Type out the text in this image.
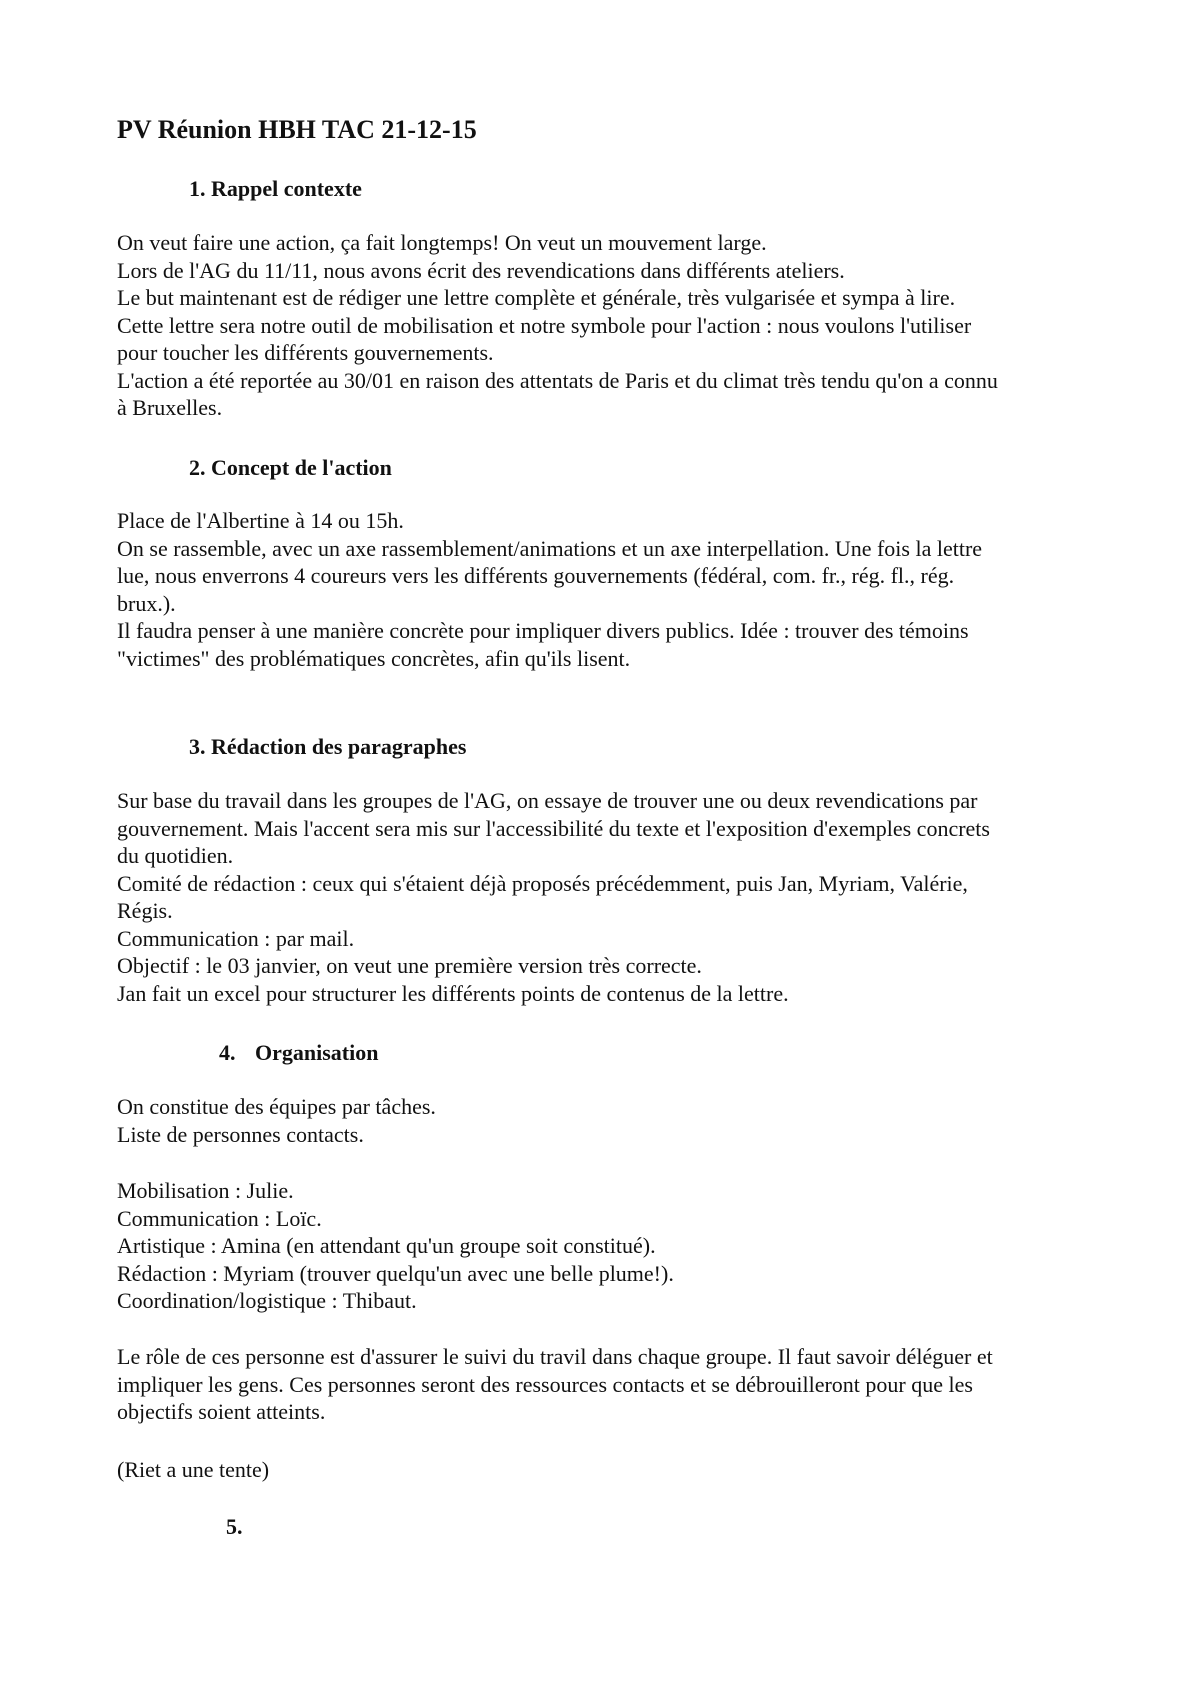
PV Réunion HBH TAC 21-12-15
1. Rappel contexte
On veut faire une action, ça fait longtemps! On veut un mouvement large.
Lors de l'AG du 11/11, nous avons écrit des revendications dans différents ateliers.
Le but maintenant est de rédiger une lettre complète et générale, très vulgarisée et sympa à lire.
Cette lettre sera notre outil de mobilisation et notre symbole pour l'action : nous voulons l'utiliser
pour toucher les différents gouvernements.
L'action a été reportée au 30/01 en raison des attentats de Paris et du climat très tendu qu'on a connu
à Bruxelles.
2. Concept de l'action
Place de l'Albertine à 14 ou 15h.
On se rassemble, avec un axe rassemblement/animations et un axe interpellation. Une fois la lettre
lue, nous enverrons 4 coureurs vers les différents gouvernements (fédéral, com. fr., rég. fl., rég.
brux.).
Il faudra penser à une manière concrète pour impliquer divers publics. Idée : trouver des témoins
"victimes" des problématiques concrètes, afin qu'ils lisent.
3. Rédaction des paragraphes
Sur base du travail dans les groupes de l'AG, on essaye de trouver une ou deux revendications par
gouvernement. Mais l'accent sera mis sur l'accessibilité du texte et l'exposition d'exemples concrets
du quotidien.
Comité de rédaction : ceux qui s'étaient déjà proposés précédemment, puis Jan, Myriam, Valérie,
Régis.
Communication : par mail.
Objectif : le 03 janvier, on veut une première version très correcte.
Jan fait un excel pour structurer les différents points de contenus de la lettre.
4. Organisation
On constitue des équipes par tâches.
Liste de personnes contacts.
Mobilisation : Julie.
Communication : Loïc.
Artistique : Amina (en attendant qu'un groupe soit constitué).
Rédaction : Myriam (trouver quelqu'un avec une belle plume!).
Coordination/logistique : Thibaut.
Le rôle de ces personne est d'assurer le suivi du travil dans chaque groupe. Il faut savoir déléguer et
impliquer les gens. Ces personnes seront des ressources contacts et se débrouilleront pour que les
objectifs soient atteints.
(Riet a une tente)
5.
